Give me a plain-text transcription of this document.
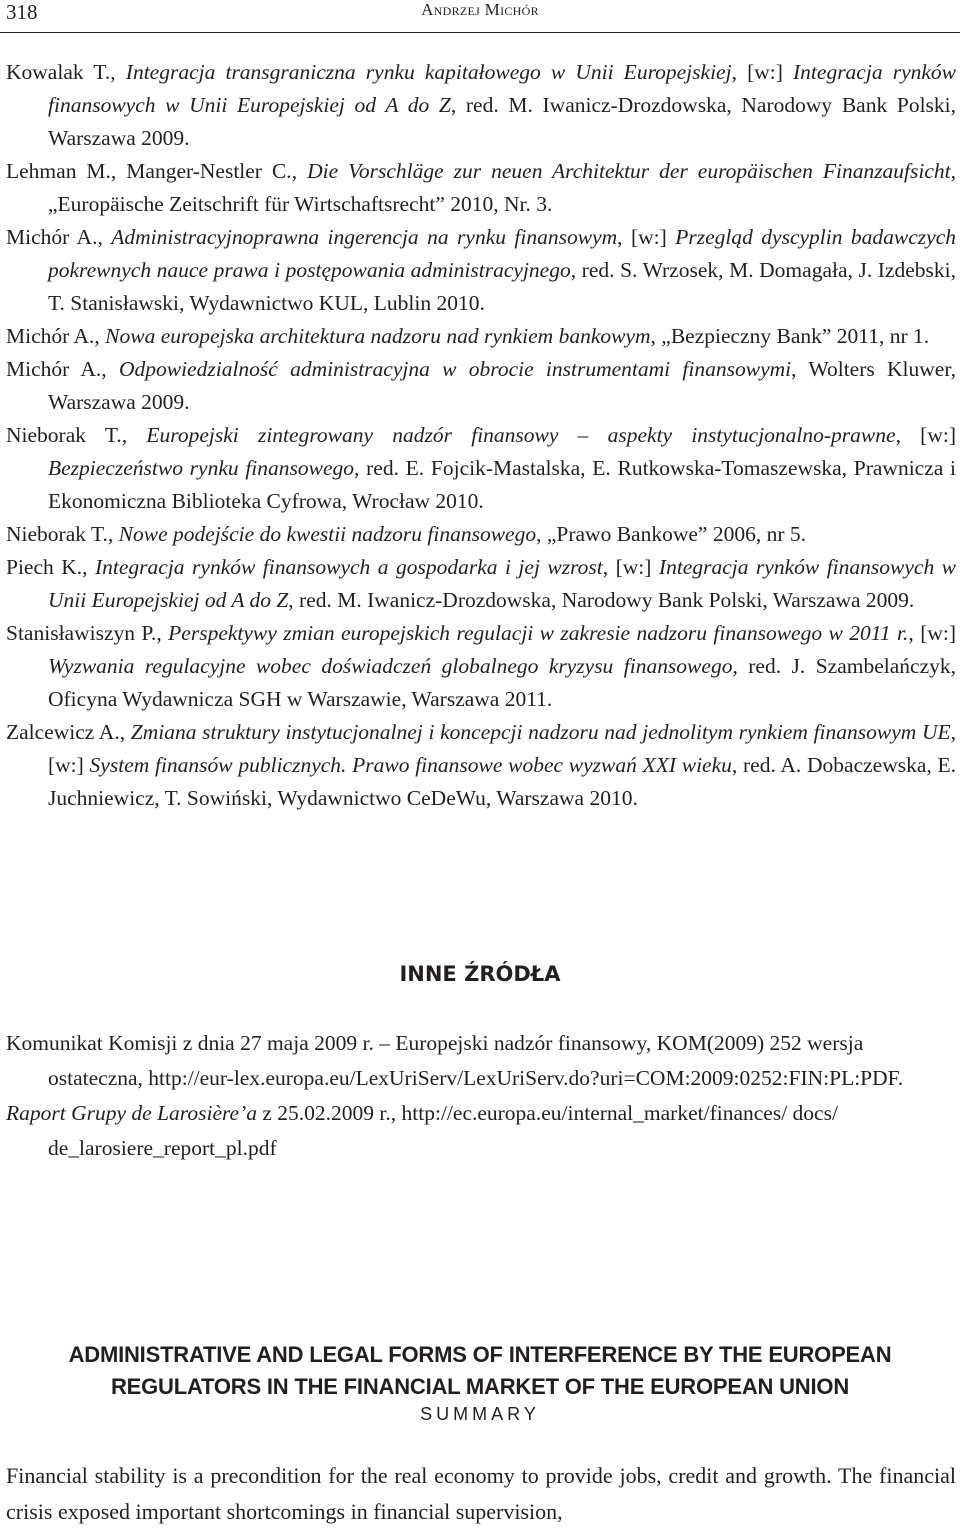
318	Andrzej Michór
Kowalak T., Integracja transgraniczna rynku kapitałowego w Unii Europejskiej, [w:] Integracja rynków finansowych w Unii Europejskiej od A do Z, red. M. Iwanicz-Drozdowska, Narodowy Bank Polski, Warszawa 2009.
Lehman M., Manger-Nestler C., Die Vorschläge zur neuen Architektur der europäischen Finanzaufsicht, „Europäische Zeitschrift für Wirtschaftsrecht” 2010, Nr. 3.
Michór A., Administracyjnoprawna ingerencja na rynku finansowym, [w:] Przegląd dyscyplin badawczych pokrewnych nauce prawa i postępowania administracyjnego, red. S. Wrzosek, M. Domagała, J. Izdebski, T. Stanisławski, Wydawnictwo KUL, Lublin 2010.
Michór A., Nowa europejska architektura nadzoru nad rynkiem bankowym, „Bezpieczny Bank” 2011, nr 1.
Michór A., Odpowiedzialność administracyjna w obrocie instrumentami finansowymi, Wolters Kluwer, Warszawa 2009.
Nieborak T., Europejski zintegrowany nadzór finansowy – aspekty instytucjonalno-prawne, [w:] Bezpieczeństwo rynku finansowego, red. E. Fojcik-Mastalska, E. Rutkowska-Tomaszewska, Prawnicza i Ekonomiczna Biblioteka Cyfrowa, Wrocław 2010.
Nieborak T., Nowe podejście do kwestii nadzoru finansowego, „Prawo Bankowe” 2006, nr 5.
Piech K., Integracja rynków finansowych a gospodarka i jej wzrost, [w:] Integracja rynków finansowych w Unii Europejskiej od A do Z, red. M. Iwanicz-Drozdowska, Narodowy Bank Polski, Warszawa 2009.
Stanisławiszyn P., Perspektywy zmian europejskich regulacji w zakresie nadzoru finansowego w 2011 r., [w:] Wyzwania regulacyjne wobec doświadczeń globalnego kryzysu finansowego, red. J. Szambelańczyk, Oficyna Wydawnicza SGH w Warszawie, Warszawa 2011.
Zalcewicz A., Zmiana struktury instytucjonalnej i koncepcji nadzoru nad jednolitym rynkiem finansowym UE, [w:] System finansów publicznych. Prawo finansowe wobec wyzwań XXI wieku, red. A. Dobaczewska, E. Juchniewicz, T. Sowiński, Wydawnictwo CeDeWu, Warszawa 2010.
INNE ŹRÓDŁA
Komunikat Komisji z dnia 27 maja 2009 r. – Europejski nadzór finansowy, KOM(2009) 252 wersja ostateczna, http://eur-lex.europa.eu/LexUriServ/LexUriServ.do?uri=COM:2009:0252:FIN:PL:PDF.
Raport Grupy de Larosière’a z 25.02.2009 r., http://ec.europa.eu/internal_market/finances/ docs/ de_larosiere_report_pl.pdf
ADMINISTRATIVE AND LEGAL FORMS OF INTERFERENCE BY THE EUROPEAN REGULATORS IN THE FINANCIAL MARKET OF THE EUROPEAN UNION
SUMMARY
Financial stability is a precondition for the real economy to provide jobs, credit and growth. The financial crisis exposed important shortcomings in financial supervision,
